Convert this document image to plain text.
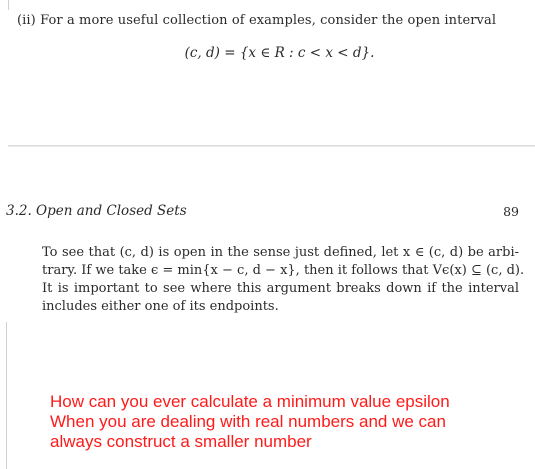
(ii) For a more useful collection of examples, consider the open interval
(c, d) = {x ∈ R : c < x < d}.
3.2. Open and Closed Sets	89
To see that (c, d) is open in the sense just defined, let x ∈ (c, d) be arbi-
trary. If we take ϵ = min{x − c, d − x}, then it follows that Vϵ(x) ⊆ (c, d).
It is important to see where this argument breaks down if the interval
includes either one of its endpoints.
How can you ever calculate a minimum value epsilon
When you are dealing with real numbers and we can
always construct a smaller number
